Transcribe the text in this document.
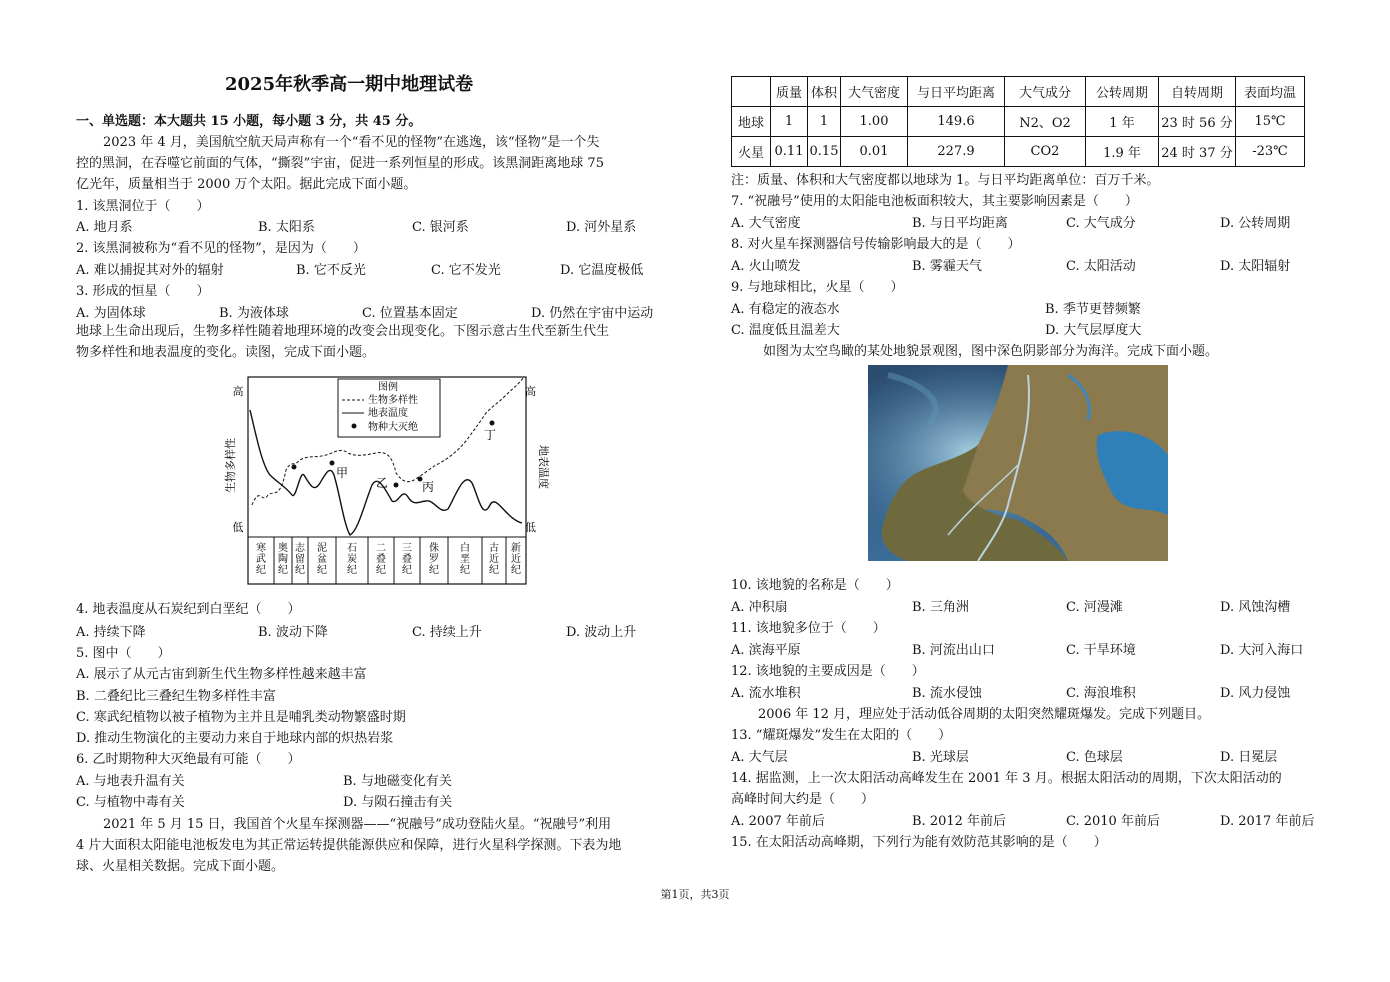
2025年秋季高一期中地理试卷
一、单选题：本大题共 15 小题，每小题 3 分，共 45 分。
2023 年 4 月，美国航空航天局声称有一个“看不见的怪物”在逃逸，该“怪物”是一个失
控的黑洞，在吞噬它前面的气体，“撕裂”宇宙，促进一系列恒星的形成。该黑洞距离地球 75
亿光年，质量相当于 2000 万个太阳。据此完成下面小题。
1. 该黑洞位于（　　）
A. 地月系	B. 太阳系	C. 银河系	D. 河外星系
2. 该黑洞被称为“看不见的怪物”，是因为（　　）
A. 难以捕捉其对外的辐射	B. 它不反光	C. 它不发光	D. 它温度极低
3. 形成的恒星（　　）
A. 为固体球	B. 为液体球	C. 位置基本固定	D. 仍然在宇宙中运动
地球上生命出现后，生物多样性随着地理环境的改变会出现变化。下图示意古生代至新生代生
物多样性和地表温度的变化。读图，完成下面小题。
高
低
高
低
生物多样性	地表温度
甲
乙	丙
丁
图例
生物多样性
地表温度
物种大灭绝
寒武纪
奥陶纪
志留纪
泥盆纪
石炭纪
二叠纪
三叠纪
侏罗纪
白垩纪
古近纪
新近纪
4. 地表温度从石炭纪到白垩纪（　　）
A. 持续下降	B. 波动下降	C. 持续上升	D. 波动上升
5. 图中（　　）
A. 展示了从元古宙到新生代生物多样性越来越丰富
B. 二叠纪比三叠纪生物多样性丰富
C. 寒武纪植物以被子植物为主并且是哺乳类动物繁盛时期
D. 推动生物演化的主要动力来自于地球内部的炽热岩浆
6. 乙时期物种大灭绝最有可能（　　）
A. 与地表升温有关	B. 与地磁变化有关
C. 与植物中毒有关	D. 与陨石撞击有关
2021 年 5 月 15 日，我国首个火星车探测器——“祝融号”成功登陆火星。“祝融号”利用
4 片大面积太阳能电池板发电为其正常运转提供能源供应和保障，进行火星科学探测。下表为地
球、火星相关数据。完成下面小题。
	质量	体积	大气密度	与日平均距离	大气成分	公转周期	自转周期	表面均温
地球	1	1	1.00	149.6	N2、O2	1 年	23 时 56 分	15℃
火星	0.11	0.15	0.01	227.9	CO2	1.9 年	24 时 37 分	-23℃
注：质量、体积和大气密度都以地球为 1。与日平均距离单位：百万千米。
7. “祝融号”使用的太阳能电池板面积较大，其主要影响因素是（　　）
A. 大气密度	B. 与日平均距离	C. 大气成分	D. 公转周期
8. 对火星车探测器信号传输影响最大的是（　　）
A. 火山喷发	B. 雾霾天气	C. 太阳活动	D. 太阳辐射
9. 与地球相比，火星（　　）
A. 有稳定的液态水	B. 季节更替频繁
C. 温度低且温差大	D. 大气层厚度大
如图为太空鸟瞰的某处地貌景观图，图中深色阴影部分为海洋。完成下面小题。
10. 该地貌的名称是（　　）
A. 冲积扇	B. 三角洲	C. 河漫滩	D. 风蚀沟槽
11. 该地貌多位于（　　）
A. 滨海平原	B. 河流出山口	C. 干旱环境	D. 大河入海口
12. 该地貌的主要成因是（　　）
A. 流水堆积	B. 流水侵蚀	C. 海浪堆积	D. 风力侵蚀
2006 年 12 月，理应处于活动低谷周期的太阳突然耀斑爆发。完成下列题目。
13. “耀斑爆发”发生在太阳的（　　）
A. 大气层	B. 光球层	C. 色球层	D. 日冕层
14. 据监测，上一次太阳活动高峰发生在 2001 年 3 月。根据太阳活动的周期，下次太阳活动的
高峰时间大约是（　　）
A. 2007 年前后	B. 2012 年前后	C. 2010 年前后	D. 2017 年前后
15. 在太阳活动高峰期，下列行为能有效防范其影响的是（　　）
第1页，共3页
